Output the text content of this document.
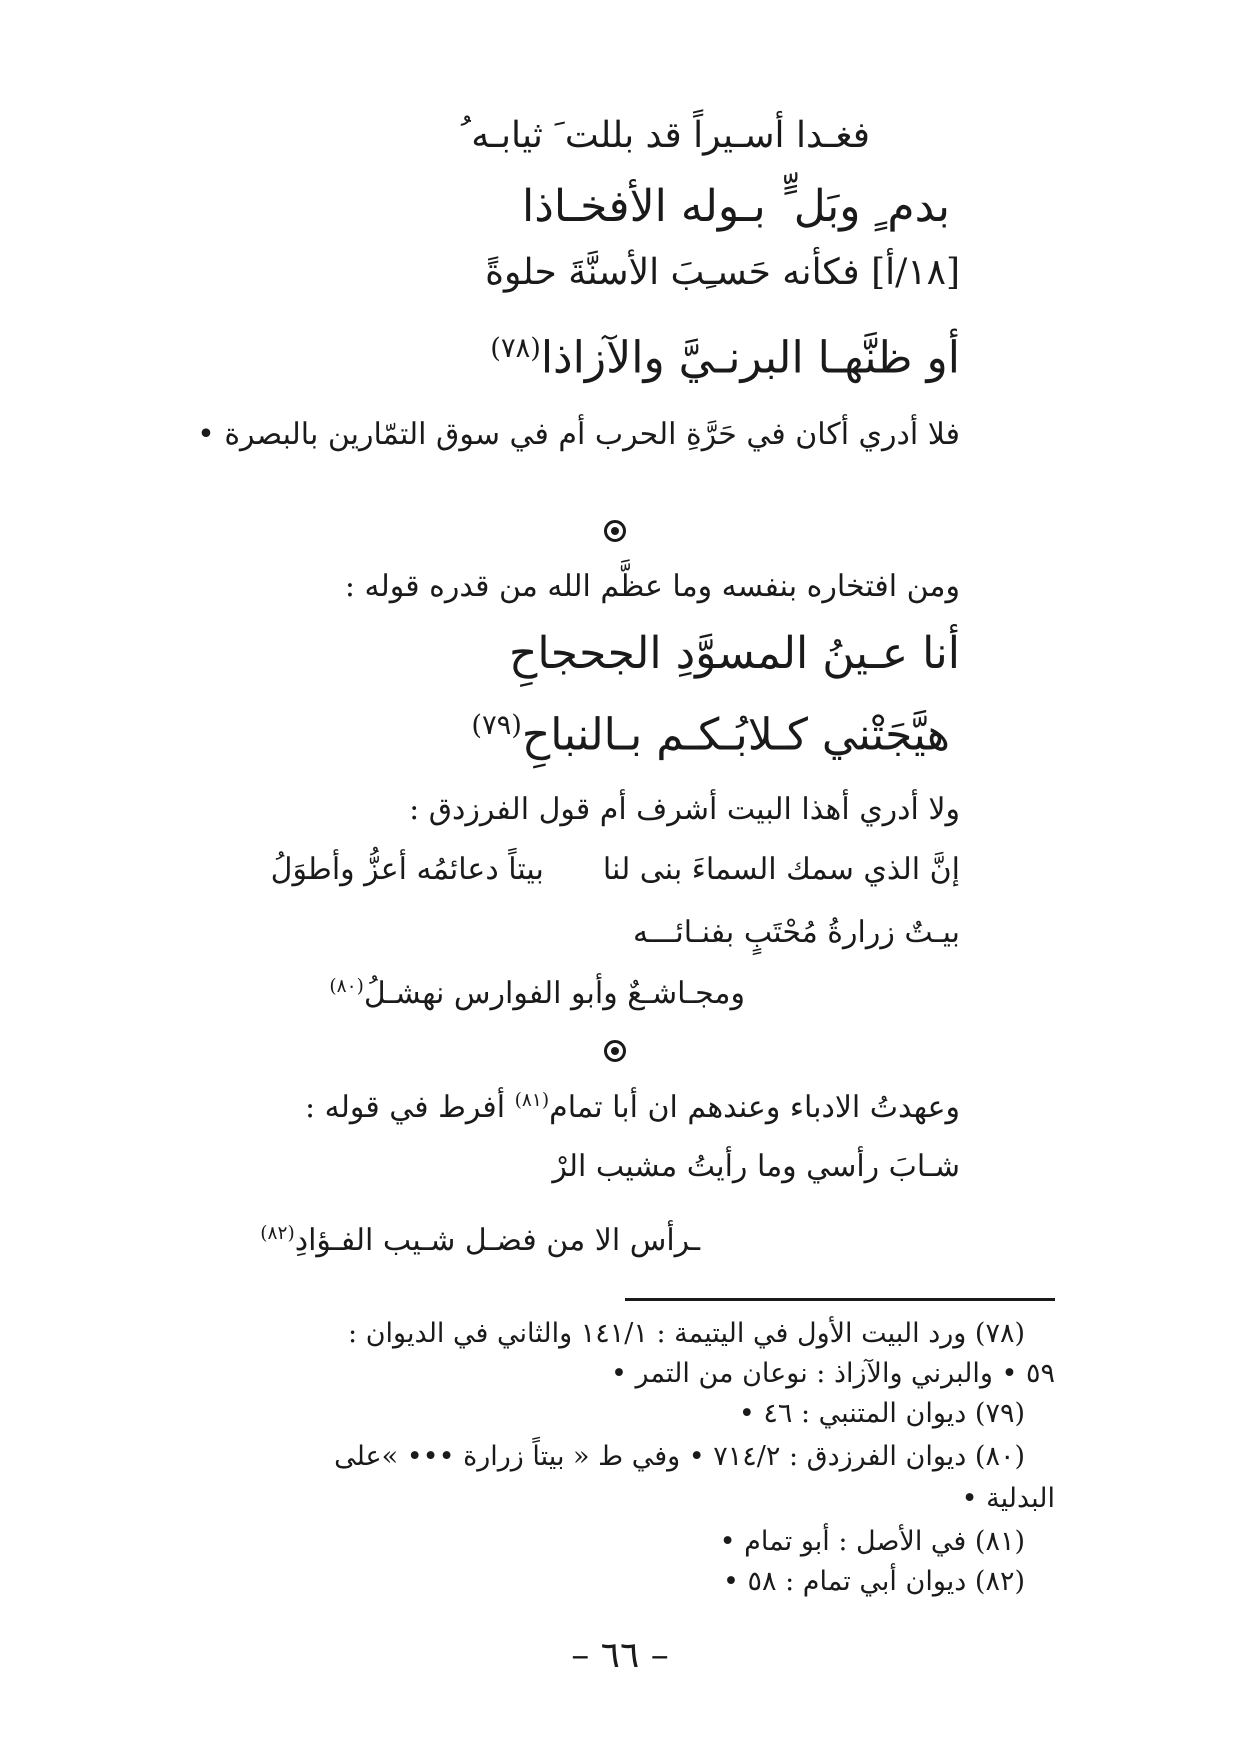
فغـدا أسـيراً قد بللت َ ثيابـه ُ
بدم ٍ وبَل ٍّ بـوله الأفخـاذا
[١٨/أ] فكأنه حَسـِبَ الأسنَّةَ حلوةً
أو ظنَّهـا البرنـيَّ والآزاذا$^{(٧٨)}$
فلا أدري أكان في حَرَّةِ الحرب أم في سوق التمّارين بالبصرة •
ومن افتخاره بنفسه وما عظَّم الله من قدره قوله :
أنا عـينُ المسوَّدِ الجحجاحِ
هيَّجَتْني كـلابُـكـم بـالنباحِ$^{(٧٩)}$
ولا أدري أهذا البيت أشرف أم قول الفرزدق :
إنَّ الذي سمك السماءَ بنى لنا  بيتاً دعائمُه أعزُّ وأطوَلُ
بيـتٌ زرارةُ مُحْتَبٍ بفنـائـــه
ومجـاشـعٌ وأبو الفوارس نهشـلُ$^{(٨٠)}$
وعهدتُ الادباء وعندهم ان أبا تمام$^{(٨١)}$ أفرط في قوله :
شـابَ رأسي وما رأيتُ مشيب الرْ
ـرأس الا من فضـل شـيب الفـؤادِ$^{(٨٢)}$
(٧٨) ورد البيت الأول في اليتيمة : ١٤١/١ والثاني في الديوان :
٥٩ • والبرني والآزاذ : نوعان من التمر •
(٧٩) ديوان المتنبي : ٤٦ •
(٨٠) ديوان الفرزدق : ٧١٤/٢ • وفي ط « بيتاً زرارة ••• »على
البدلية •
(٨١) في الأصل : أبو تمام •
(٨٢) ديوان أبي تمام : ٥٨ •
– ٦٦ –
